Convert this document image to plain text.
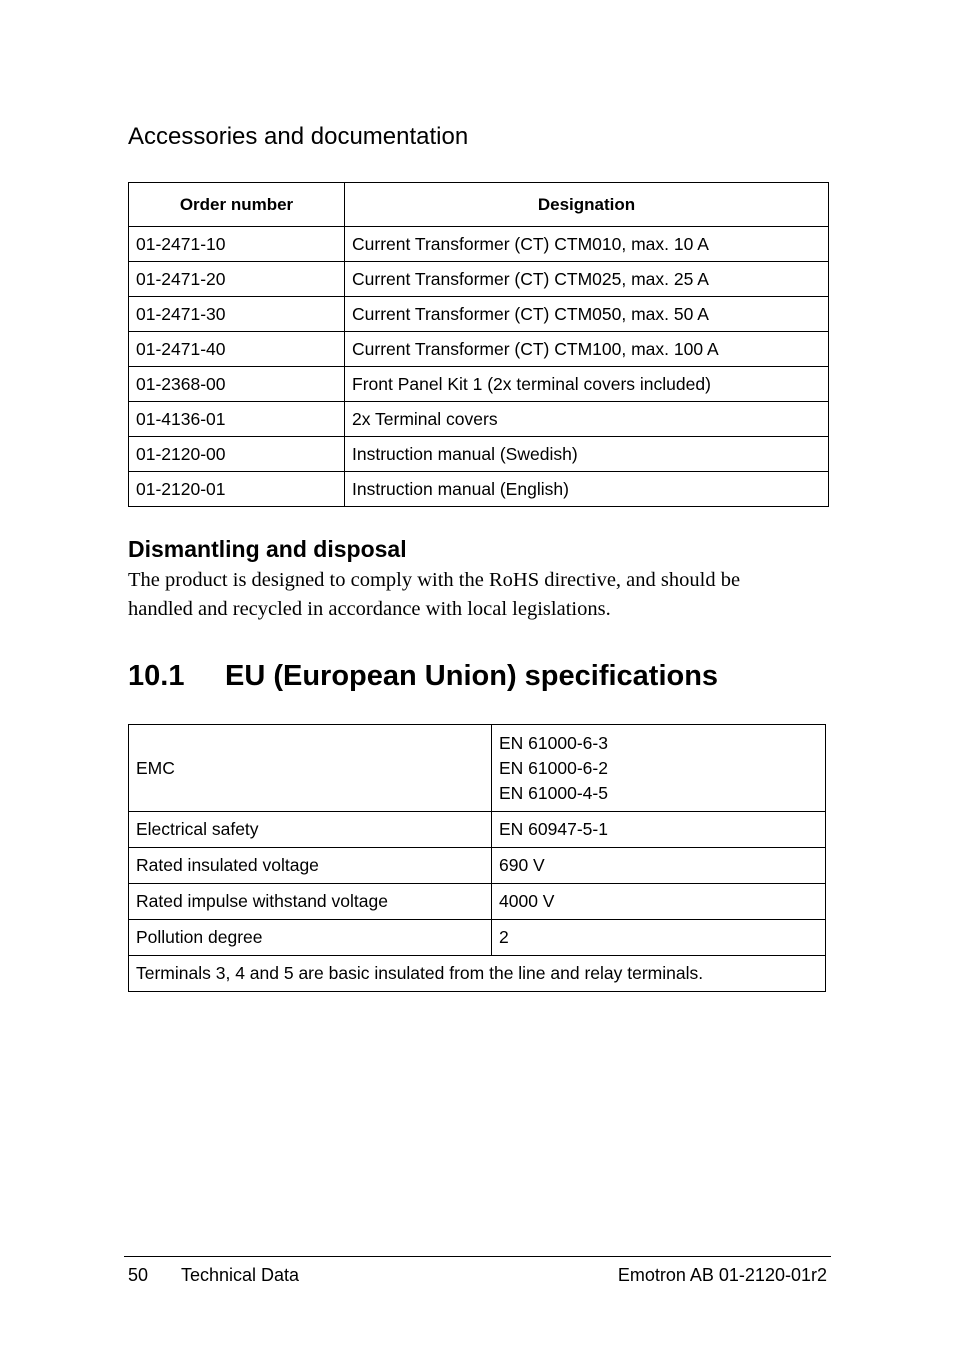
Accessories and documentation
Order number	Designation
01-2471-10	Current Transformer (CT) CTM010, max. 10 A
01-2471-20	Current Transformer (CT) CTM025, max. 25 A
01-2471-30	Current Transformer (CT) CTM050, max. 50 A
01-2471-40	Current Transformer (CT) CTM100, max. 100 A
01-2368-00	Front Panel Kit 1 (2x terminal covers included)
01-4136-01	2x Terminal covers
01-2120-00	Instruction manual (Swedish)
01-2120-01	Instruction manual (English)
Dismantling and disposal

The product is designed to comply with the RoHS directive, and should be handled and recycled in accordance with local legislations.

10.1 EU (European Union) specifications
EMC	EN 61000-6-3
EN 61000-6-2
EN 61000-4-5

Electrical safety	EN 60947-5-1
Rated insulated voltage	690 V
Rated impulse withstand voltage	4000 V
Pollution degree	2
Terminals 3, 4 and 5 are basic insulated from the line and relay terminals.	
50 Technical Data	Emotron AB 01-2120-01r2
